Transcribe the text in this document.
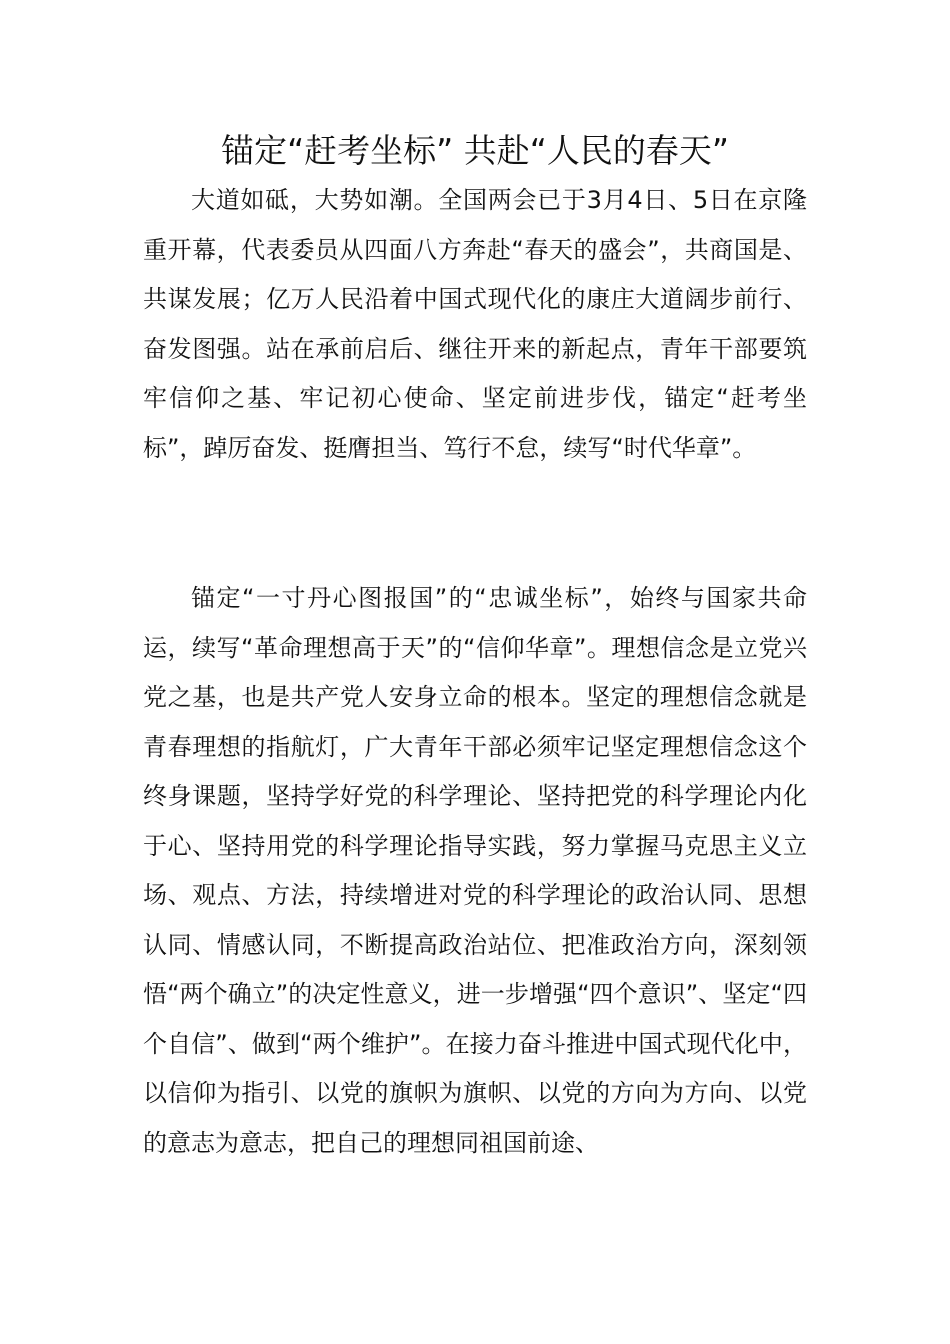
锚定“赶考坐标” 共赴“人民的春天”

大道如砥，大势如潮。全国两会已于3月4日、5日在京隆重开幕，代表委员从四面八方奔赴“春天的盛会”，共商国是、共谋发展；亿万人民沿着中国式现代化的康庄大道阔步前行、奋发图强。站在承前启后、继往开来的新起点，青年干部要筑牢信仰之基、牢记初心使命、坚定前进步伐，锚定“赶考坐标”，踔厉奋发、挺膺担当、笃行不怠，续写“时代华章”。

锚定“一寸丹心图报国”的“忠诚坐标”，始终与国家共命运，续写“革命理想高于天”的“信仰华章”。理想信念是立党兴党之基，也是共产党人安身立命的根本。坚定的理想信念就是青春理想的指航灯，广大青年干部必须牢记坚定理想信念这个终身课题，坚持学好党的科学理论、坚持把党的科学理论内化于心、坚持用党的科学理论指导实践，努力掌握马克思主义立场、观点、方法，持续增进对党的科学理论的政治认同、思想认同、情感认同，不断提高政治站位、把准政治方向，深刻领悟“两个确立”的决定性意义，进一步增强“四个意识”、坚定“四个自信”、做到“两个维护”。在接力奋斗推进中国式现代化中，以信仰为指引、以党的旗帜为旗帜、以党的方向为方向、以党的意志为意志，把自己的理想同祖国前途、
